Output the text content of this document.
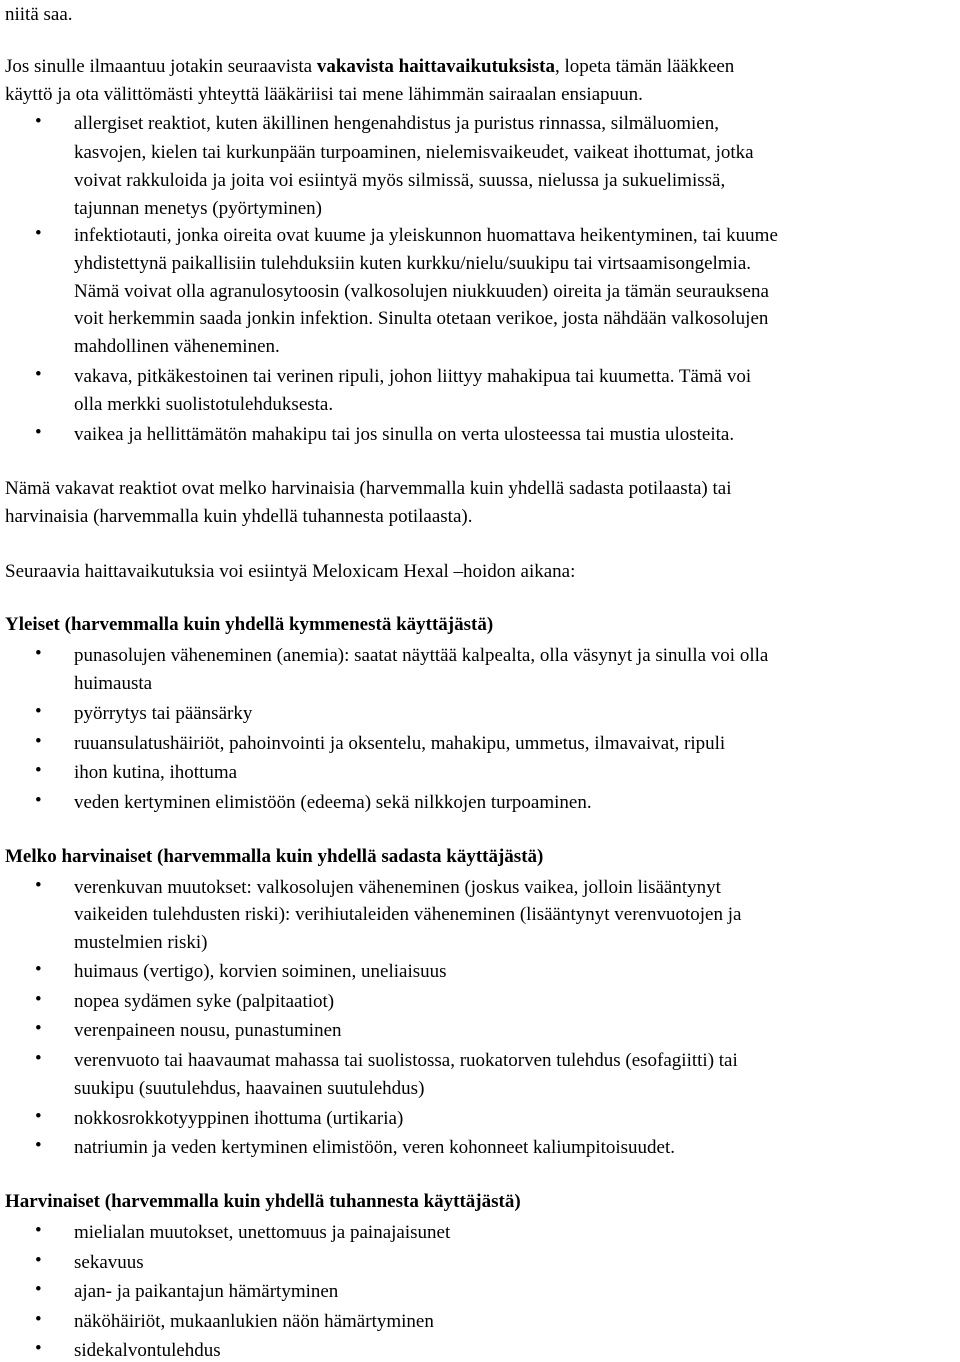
niitä saa.
Jos sinulle ilmaantuu jotakin seuraavista vakavista haittavaikutuksista, lopeta tämän lääkkeen
käyttö ja ota välittömästi yhteyttä lääkäriisi tai mene lähimmän sairaalan ensiapuun.
• allergiset reaktiot, kuten äkillinen hengenahdistus ja puristus rinnassa, silmäluomien,
kasvojen, kielen tai kurkunpään turpoaminen, nielemisvaikeudet, vaikeat ihottumat, jotka
voivat rakkuloida ja joita voi esiintyä myös silmissä, suussa, nielussa ja sukuelimissä,
tajunnan menetys (pyörtyminen)
• infektiotauti, jonka oireita ovat kuume ja yleiskunnon huomattava heikentyminen, tai kuume
yhdistettynä paikallisiin tulehduksiin kuten kurkku/nielu/suukipu tai virtsaamisongelmia.
Nämä voivat olla agranulosytoosin (valkosolujen niukkuuden) oireita ja tämän seurauksena
voit herkemmin saada jonkin infektion. Sinulta otetaan verikoe, josta nähdään valkosolujen
mahdollinen väheneminen.
• vakava, pitkäkestoinen tai verinen ripuli, johon liittyy mahakipua tai kuumetta. Tämä voi
olla merkki suolistotulehduksesta.
• vaikea ja hellittämätön mahakipu tai jos sinulla on verta ulosteessa tai mustia ulosteita.
Nämä vakavat reaktiot ovat melko harvinaisia (harvemmalla kuin yhdellä sadasta potilaasta) tai
harvinaisia (harvemmalla kuin yhdellä tuhannesta potilaasta).
Seuraavia haittavaikutuksia voi esiintyä Meloxicam Hexal –hoidon aikana:
Yleiset (harvemmalla kuin yhdellä kymmenestä käyttäjästä)
• punasolujen väheneminen (anemia): saatat näyttää kalpealta, olla väsynyt ja sinulla voi olla
huimausta
• pyörrytys tai päänsärky
• ruuansulatushäiriöt, pahoinvointi ja oksentelu, mahakipu, ummetus, ilmavaivat, ripuli
• ihon kutina, ihottuma
• veden kertyminen elimistöön (edeema) sekä nilkkojen turpoaminen.
Melko harvinaiset (harvemmalla kuin yhdellä sadasta käyttäjästä)
• verenkuvan muutokset: valkosolujen väheneminen (joskus vaikea, jolloin lisääntynyt
vaikeiden tulehdusten riski): verihiutaleiden väheneminen (lisääntynyt verenvuotojen ja
mustelmien riski)
• huimaus (vertigo), korvien soiminen, uneliaisuus
• nopea sydämen syke (palpitaatiot)
• verenpaineen nousu, punastuminen
• verenvuoto tai haavaumat mahassa tai suolistossa, ruokatorven tulehdus (esofagiitti) tai
suukipu (suutulehdus, haavainen suutulehdus)
• nokkosrokkotyyppinen ihottuma (urtikaria)
• natriumin ja veden kertyminen elimistöön, veren kohonneet kaliumpitoisuudet.
Harvinaiset (harvemmalla kuin yhdellä tuhannesta käyttäjästä)
• mielialan muutokset, unettomuus ja painajaisunet
• sekavuus
• ajan- ja paikantajun hämärtyminen
• näköhäiriöt, mukaanlukien näön hämärtyminen
• sidekalvontulehdus
